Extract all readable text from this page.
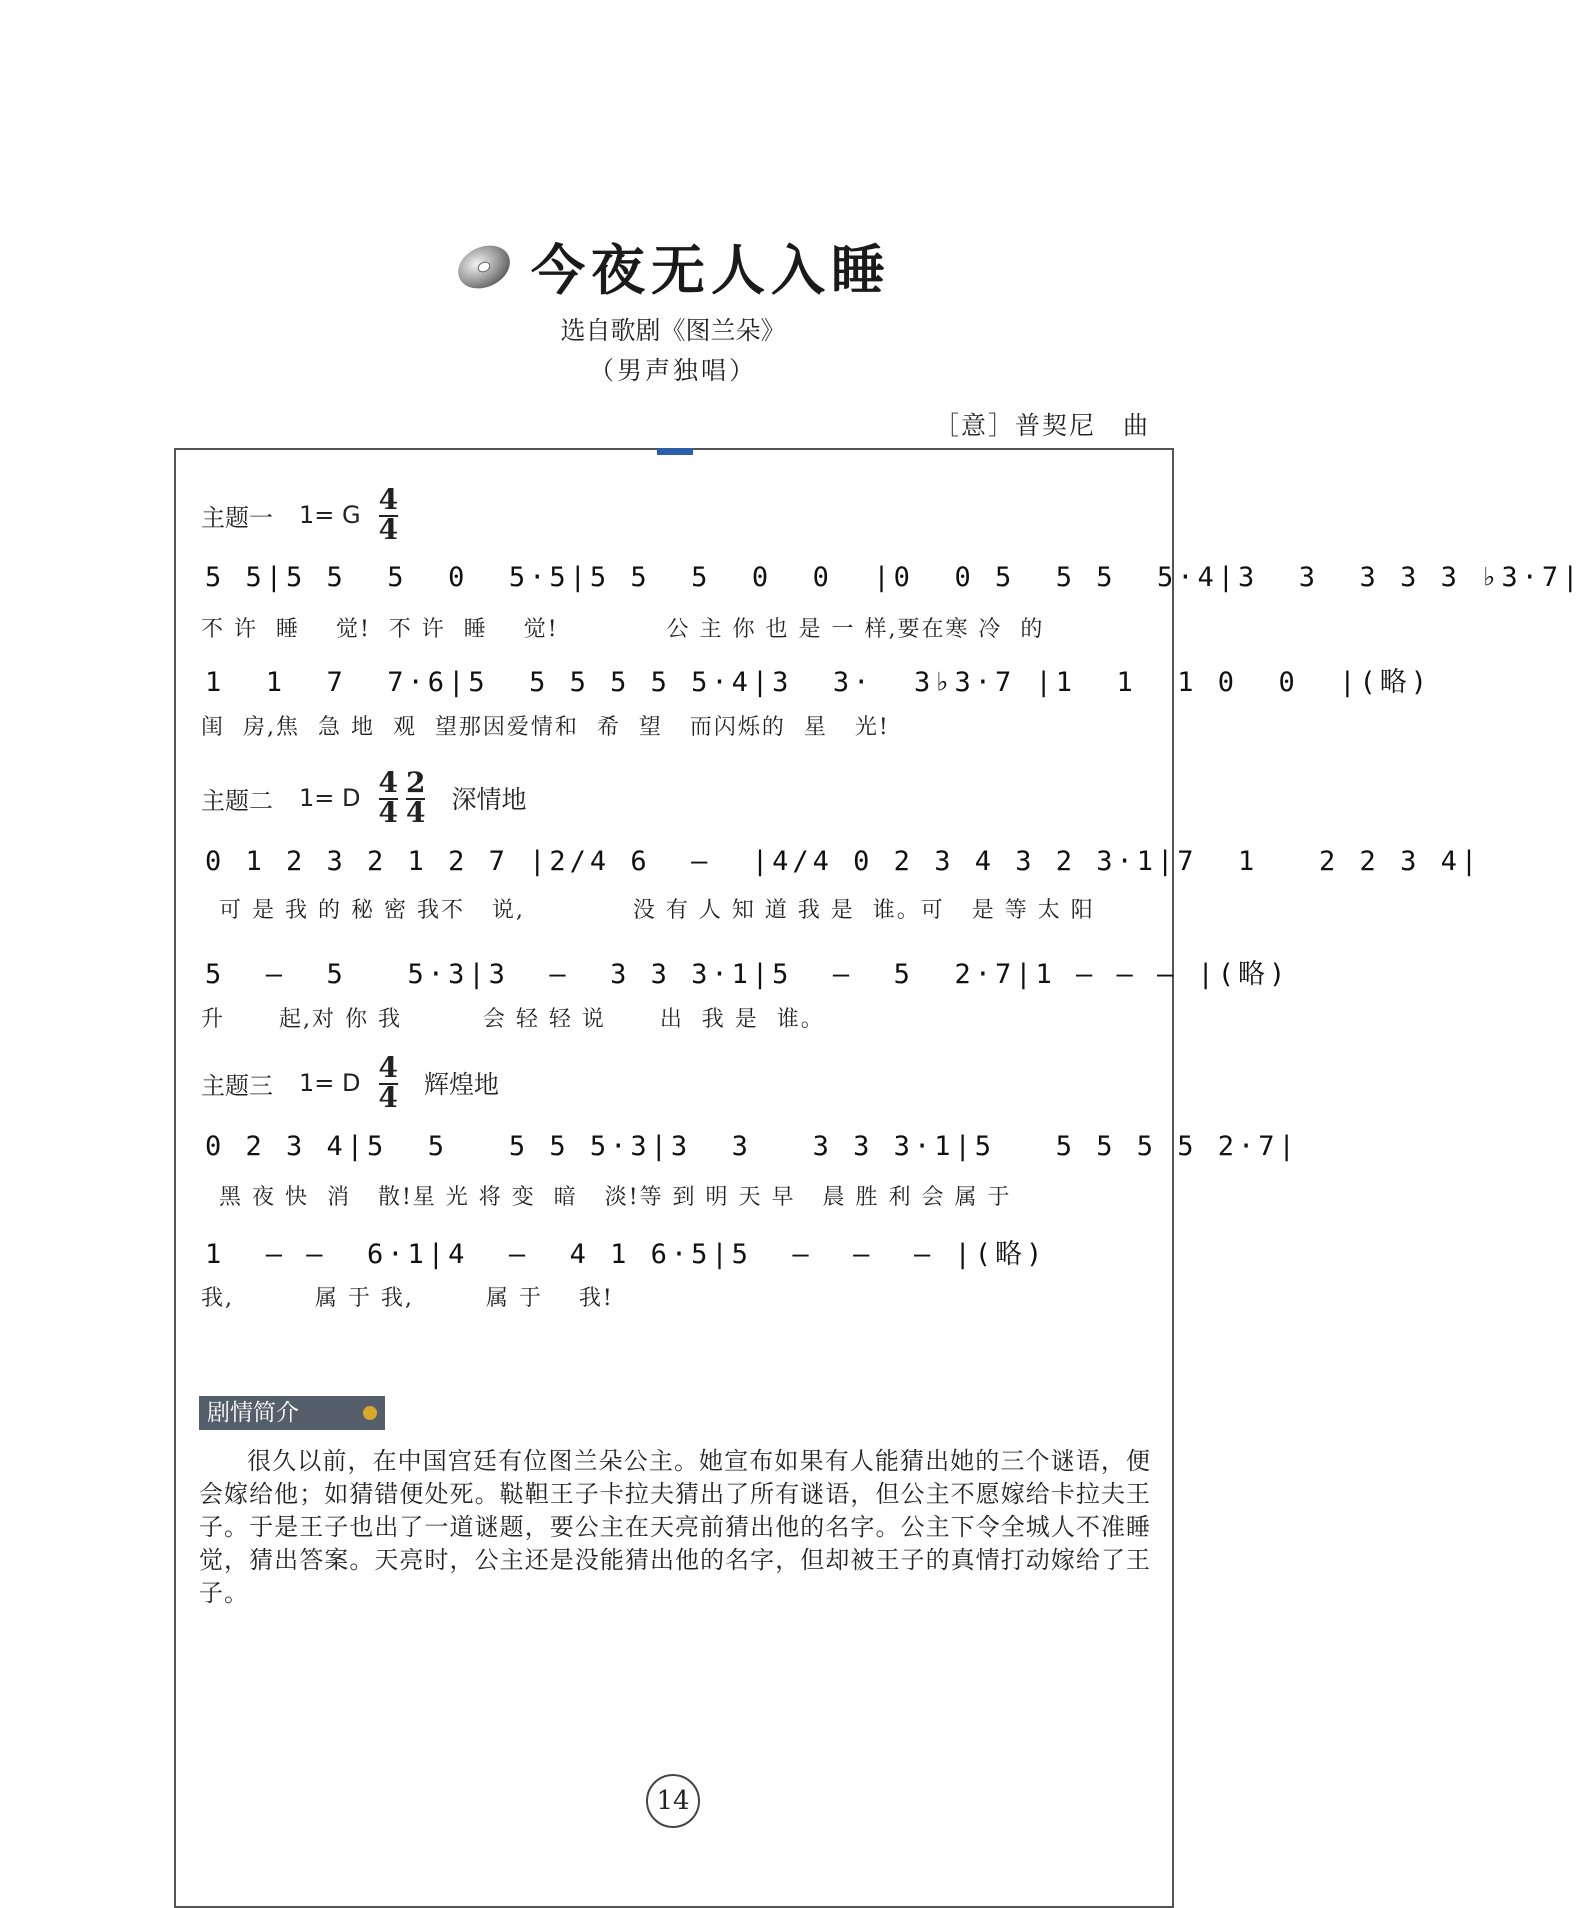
今夜无人入睡
选自歌剧《图兰朵》
（男声独唱）
［意］普契尼　曲
主题一 1= G 4
4
5 5|5 5  5  0  5·5|5 5  5  0  0  |0  0 5  5 5  5·4|3  3  3 3 3 ♭3·7|
不 许  睡    觉!  不 许  睡    觉!            公 主 你 也 是 一 样,要在寒 冷  的
1  1  7  7·6|5  5 5 5 5 5·4|3  3·  3♭3·7 |1  1  1 0  0  |(略)
闺  房,焦  急 地  观  望那因爱情和  希  望   而闪烁的  星   光!
主题二 1= D 4
4
2
4 深情地
0 1 2 3 2 1 2 7 |2/4 6  —  |4/4 0 2 3 4 3 2 3·1|7  1   2 2 3 4|
可 是 我 的 秘 密 我不   说,            没 有 人 知 道 我 是  谁。可   是 等 太 阳
5  —  5   5·3|3  —  3 3 3·1|5  —  5  2·7|1 — — — |(略)
升      起,对 你 我         会 轻 轻 说      出  我 是  谁。
主题三 1= D 4
4 辉煌地
0 2 3 4|5  5   5 5 5·3|3  3   3 3 3·1|5   5 5 5 5 2·7|
黑 夜 快  消   散!星 光 将 变  暗   淡!等 到 明 天 早   晨 胜 利 会 属 于
1  — —  6·1|4  —  4 1 6·5|5  —  —  — |(略)
我,         属 于 我,        属 于    我!
剧情简介

很久以前，在中国宫廷有位图兰朵公主。她宣布如果有人能猜出她的三个谜语，便会嫁给他；如猜错便处死。鞑靼王子卡拉夫猜出了所有谜语，但公主不愿嫁给卡拉夫王子。于是王子也出了一道谜题，要公主在天亮前猜出他的名字。公主下令全城人不准睡觉，猜出答案。天亮时，公主还是没能猜出他的名字，但却被王子的真情打动嫁给了王子。

14
